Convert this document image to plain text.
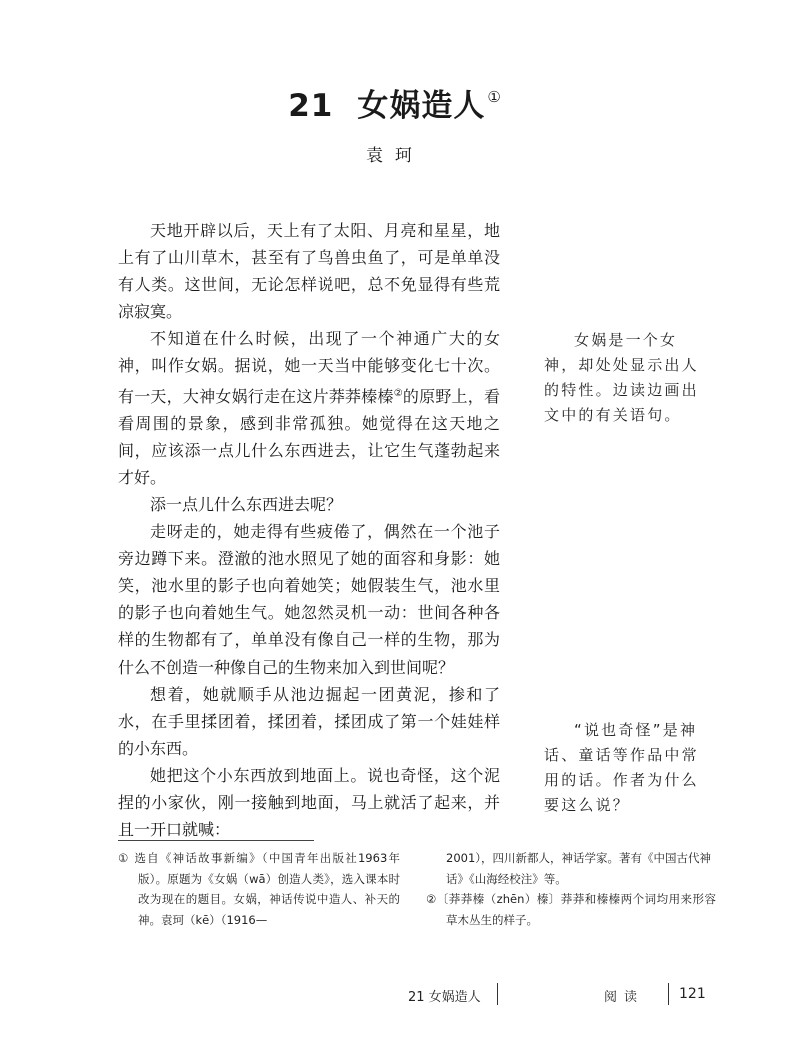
21 女娲造人 ①
袁珂

天地开辟以后，天上有了太阳、月亮和星星，地上有了山川草木，甚至有了鸟兽虫鱼了，可是单单没有人类。这世间，无论怎样说吧，总不免显得有些荒凉寂寞。

不知道在什么时候，出现了一个神通广大的女神，叫作女娲。据说，她一天当中能够变化七十次。有一天，大神女娲行走在这片莽莽榛榛②的原野上，看看周围的景象，感到非常孤独。她觉得在这天地之间，应该添一点儿什么东西进去，让它生气蓬勃起来才好。

添一点儿什么东西进去呢？

走呀走的，她走得有些疲倦了，偶然在一个池子旁边蹲下来。澄澈的池水照见了她的面容和身影：她笑，池水里的影子也向着她笑；她假装生气，池水里的影子也向着她生气。她忽然灵机一动：世间各种各样的生物都有了，单单没有像自己一样的生物，那为什么不创造一种像自己的生物来加入到世间呢？

想着，她就顺手从池边掘起一团黄泥，掺和了水，在手里揉团着，揉团着，揉团成了第一个娃娃样的小东西。

她把这个小东西放到地面上。说也奇怪，这个泥捏的小家伙，刚一接触到地面，马上就活了起来，并且一开口就喊：

女娲是一个女神，却处处显示出人的特性。边读边画出文中的有关语句。

“说也奇怪”是神话、童话等作品中常用的话。作者为什么要这么说？

① 选自《神话故事新编》（中国青年出版社1963年版）。原题为《女娲（wā）创造人类》，选入课本时改为现在的题目。女娲，神话传说中造人、补天的神。袁珂（kē）（1916—

2001），四川新都人，神话学家。著有《中国古代神话》《山海经校注》等。

②〔莽莽榛（zhēn）榛〕莽莽和榛榛两个词均用来形容草木丛生的样子。

21 女娲造人	阅读 121
